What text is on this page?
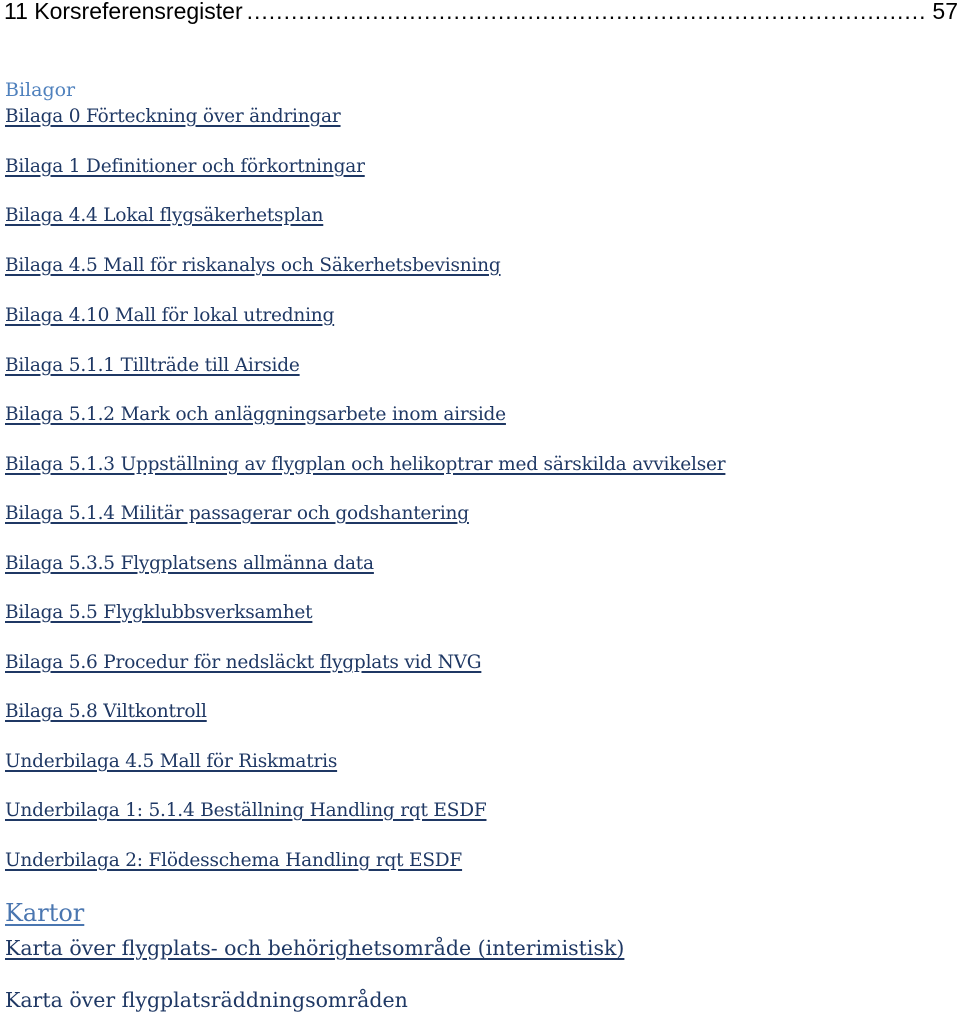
11 Korsreferensregister
.....	57
Bilagor
Bilaga 0 Förteckning över ändringar
Bilaga 1 Definitioner och förkortningar
Bilaga 4.4 Lokal flygsäkerhetsplan
Bilaga 4.5 Mall för riskanalys och Säkerhetsbevisning
Bilaga 4.10 Mall för lokal utredning
Bilaga 5.1.1 Tillträde till Airside
Bilaga 5.1.2 Mark och anläggningsarbete inom airside
Bilaga 5.1.3 Uppställning av flygplan och helikoptrar med särskilda avvikelser
Bilaga 5.1.4 Militär passagerar och godshantering
Bilaga 5.3.5 Flygplatsens allmänna data
Bilaga 5.5 Flygklubbsverksamhet
Bilaga 5.6 Procedur för nedsläckt flygplats vid NVG
Bilaga 5.8 Viltkontroll
Underbilaga 4.5 Mall för Riskmatris
Underbilaga 1: 5.1.4 Beställning Handling rqt ESDF
Underbilaga 2: Flödesschema Handling rqt ESDF
Kartor
Karta över flygplats- och behörighetsområde (interimistisk)
Karta över flygplatsräddningsområden
